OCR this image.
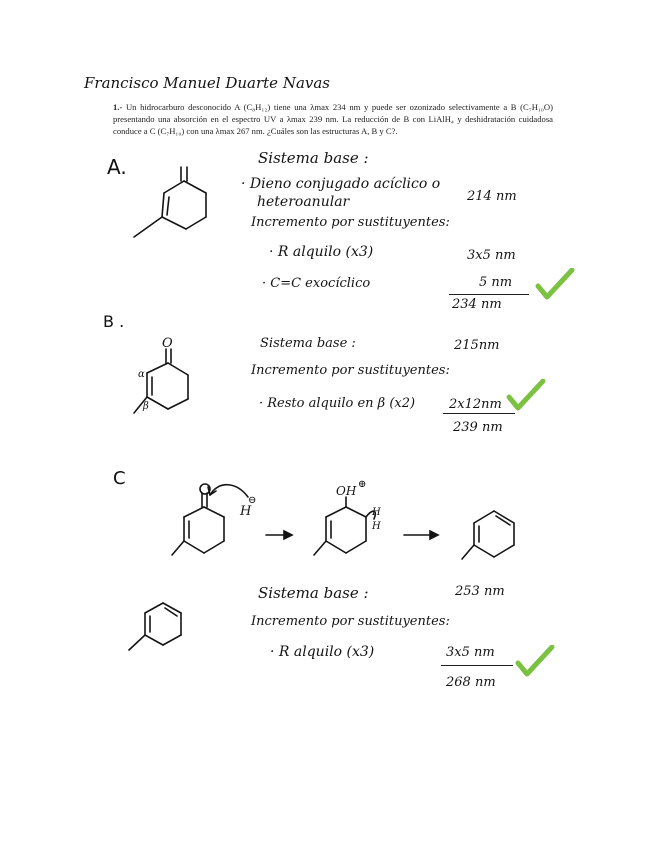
Francisco Manuel Duarte Navas
1.- Un hidrocarburo desconocido A (C₈H₁₂) tiene una λmax 234 nm y puede ser ozonizado selectivamente a B (C₇H₁₀O) presentando una absorción en el espectro UV a λmax 239 nm. La reducción de B con LiAlH₄ y deshidratación cuidadosa conduce a C (C₇H₁₀) con una λmax 267 nm. ¿Cuáles son las estructuras A, B y C?.
A.	Sistema base :
· Dieno conjugado acíclico o
heteroanular	214 nm
Incremento por sustituyentes:
· R alquilo (x3)	3x5 nm
· C=C exocíclico	5 nm
234 nm
B .
O
α
β
Sistema base :	215nm
Incremento por sustituyentes:
· Resto alquilo en β (x2)	2x12nm
239 nm
C
H
⊖
OH ⊕
H
H
Sistema base :	253 nm
Incremento por sustituyentes:
· R alquilo (x3)	3x5 nm
268 nm
